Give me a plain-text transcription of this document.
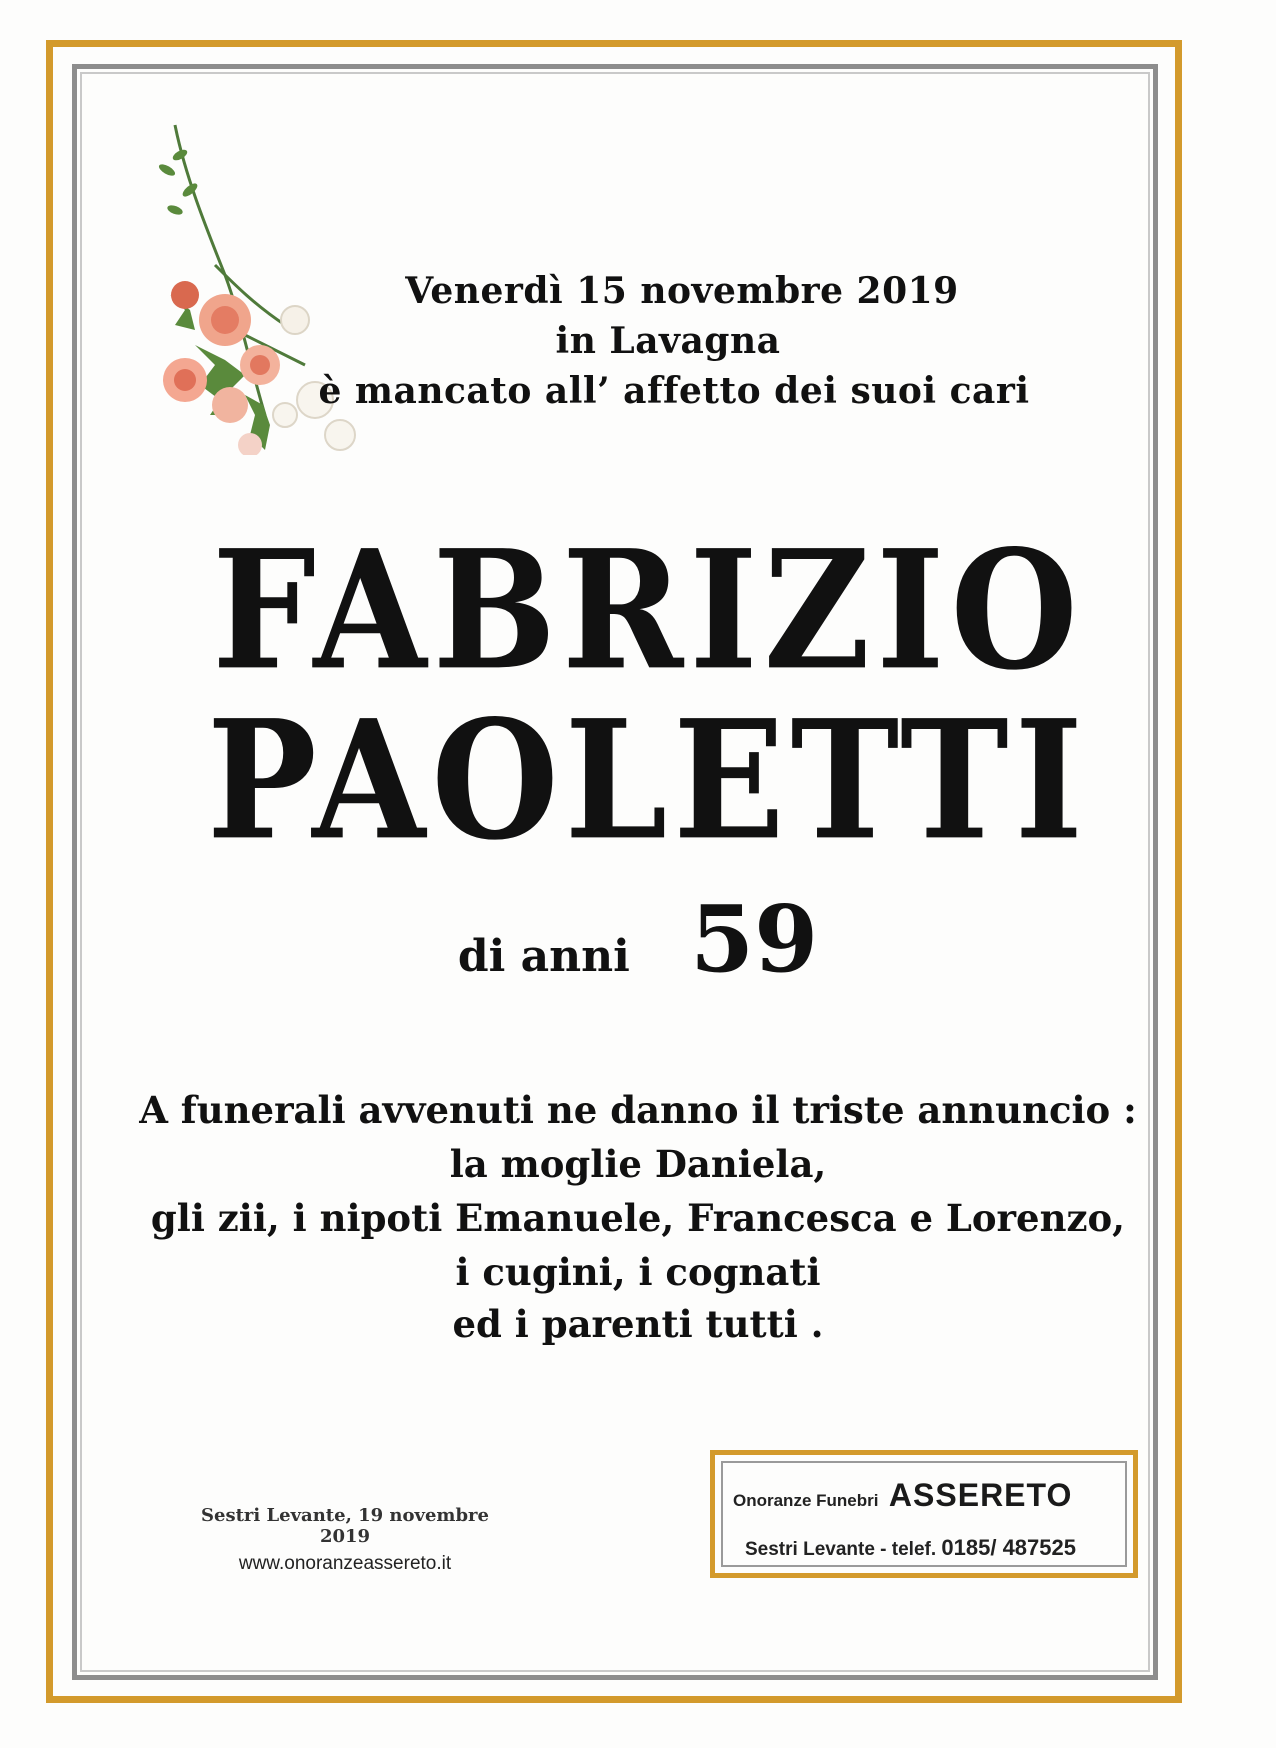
Venerdì 15 novembre 2019
in Lavagna
è mancato all’ affetto dei suoi cari
FABRIZIO
PAOLETTI
di anni 59
A funerali avvenuti ne danno il triste annuncio :
la moglie Daniela,
gli zii, i nipoti Emanuele, Francesca e Lorenzo,
i cugini, i cognati
ed i parenti tutti .
Sestri Levante, 19 novembre 2019
www.onoranzeassereto.it
Onoranze Funebri ASSERETO
Sestri Levante - telef. 0185/ 487525
